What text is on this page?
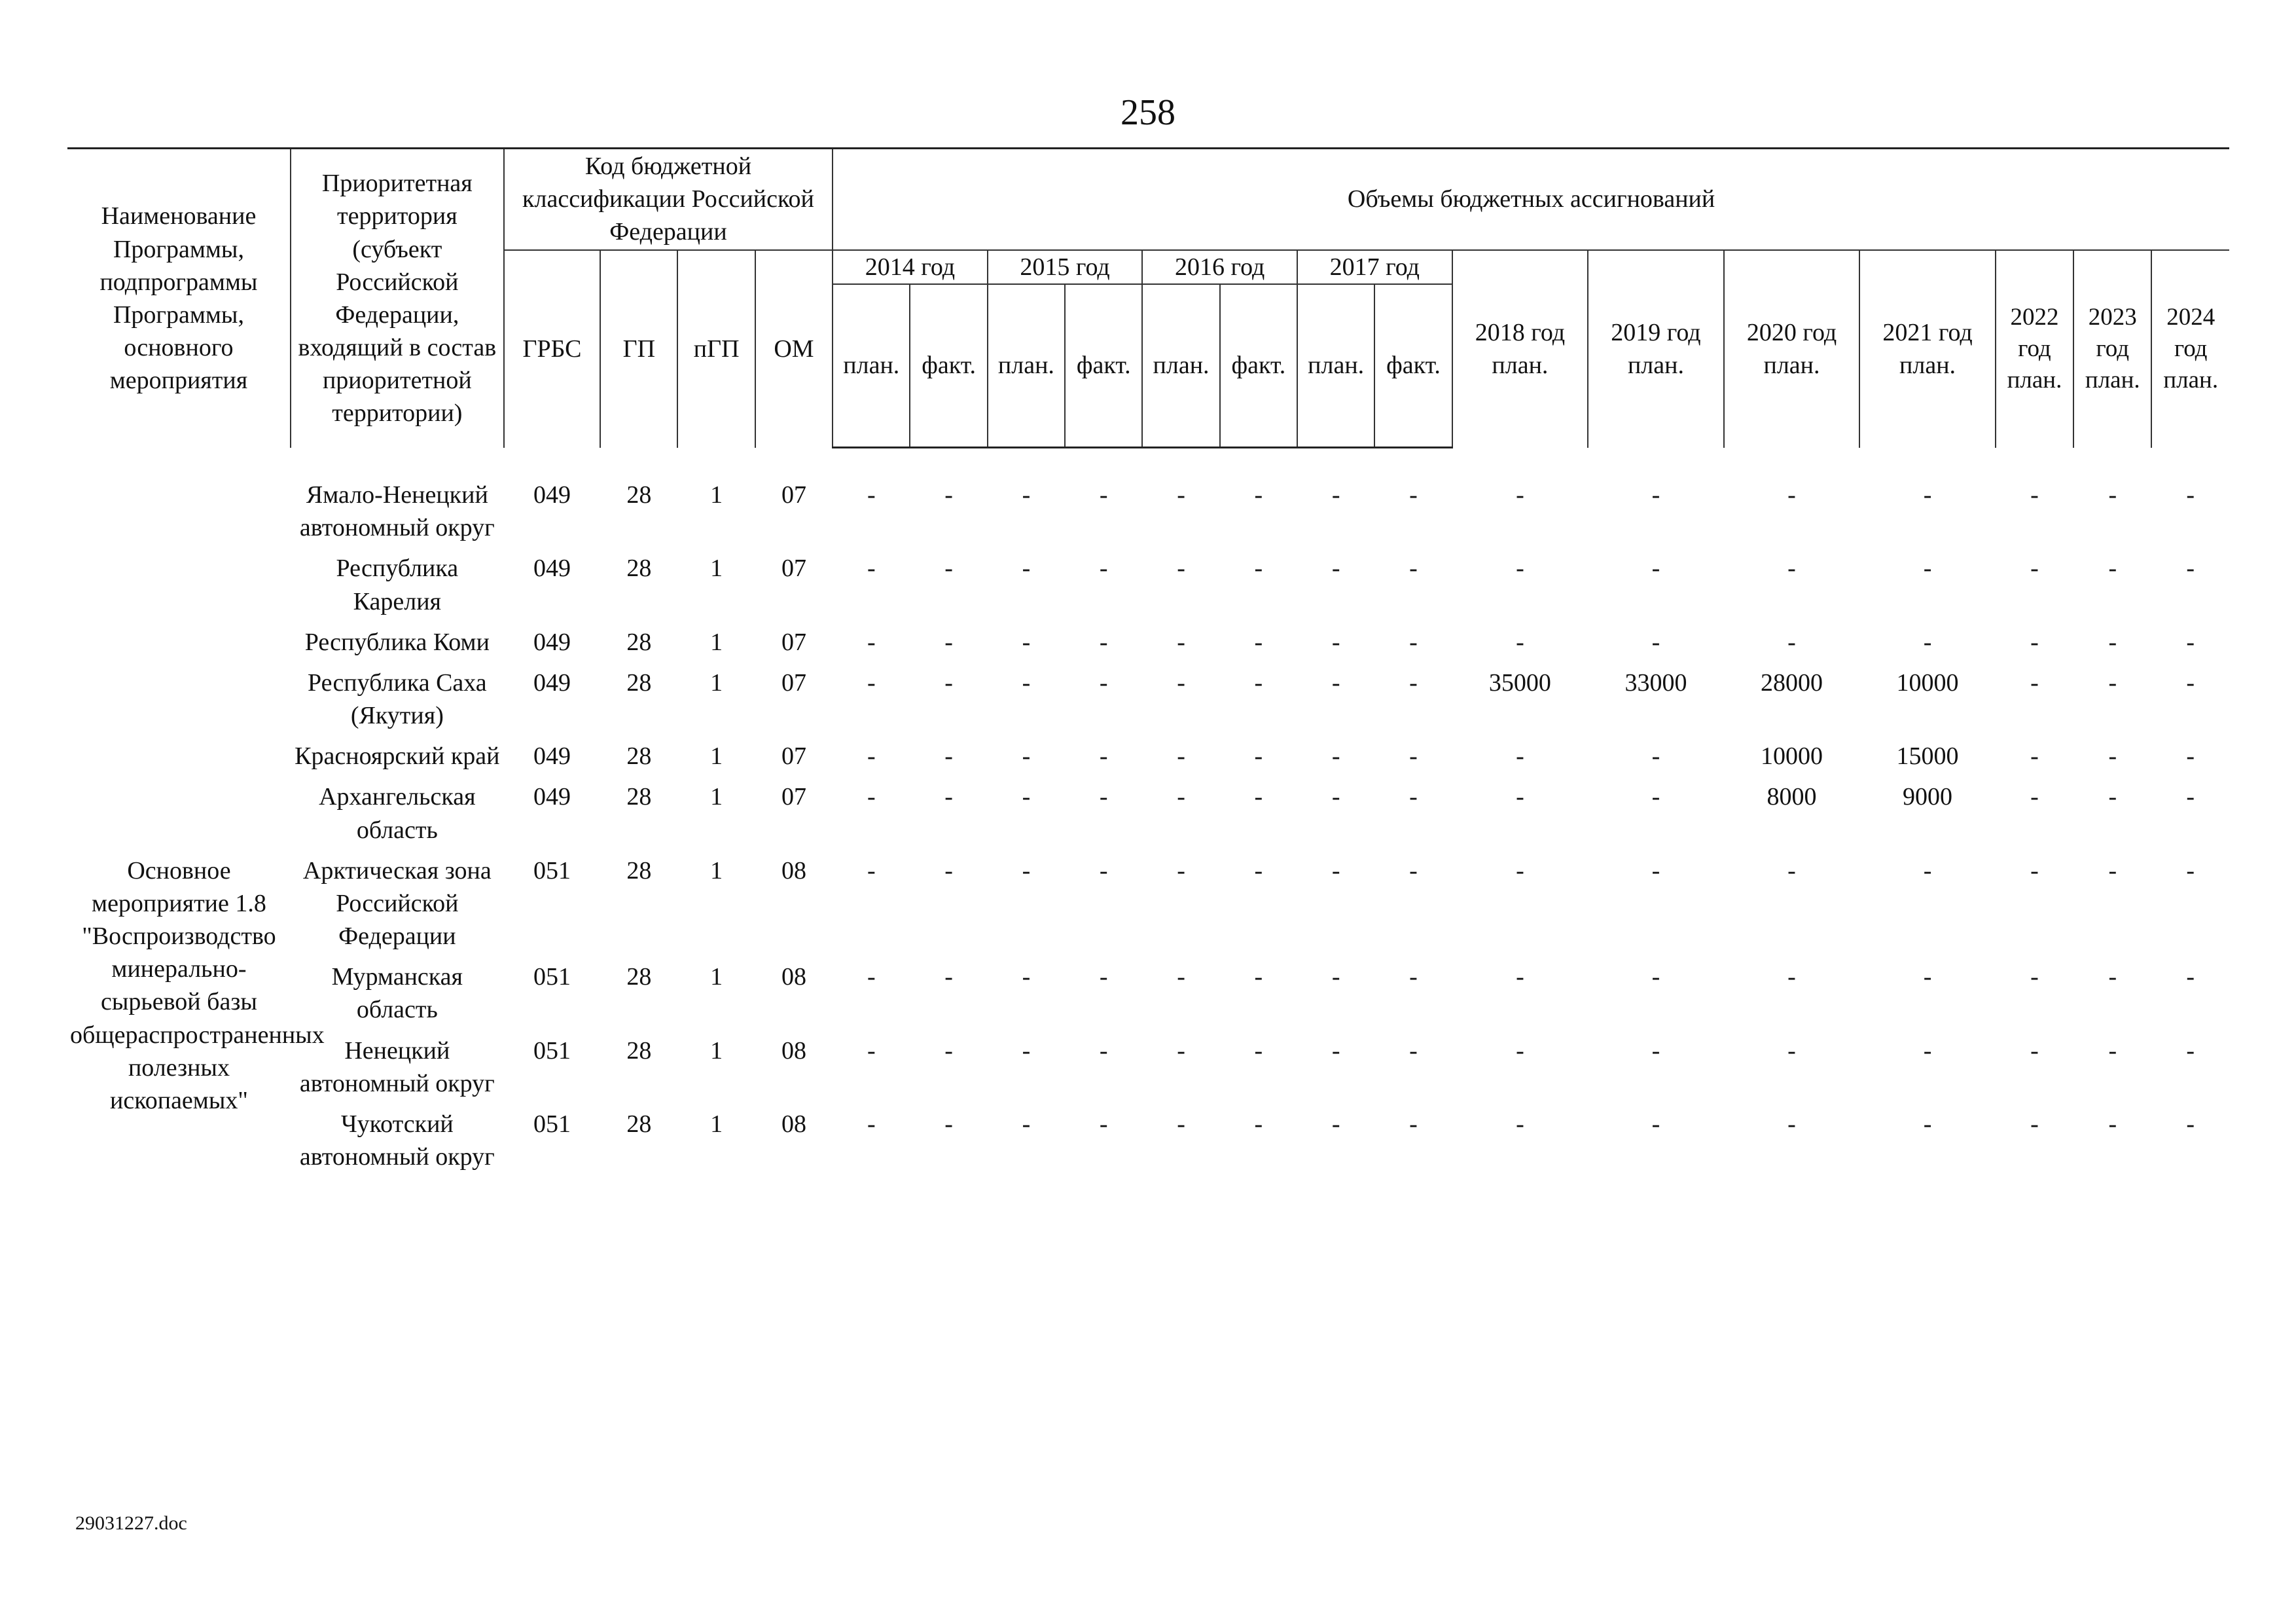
258
Наименование Программы, подпрограммы Программы, основного мероприятия	Приоритетная территория (субъект Российской Федерации, входящий в состав приоритетной территории)	Код бюджетной классификации Российской Федерации				Объемы бюджетных ассигнований														
		ГРБС	ГП	пГП	ОМ	2014 год		2015 год		2016 год		2017 год		2018 год план.	2019 год план.	2020 год план.	2021 год план.	2022 год план.	2023 год план.	2024 год план.
						план.	факт.	план.	факт.	план.	факт.	план.	факт.							

	Ямало-Ненецкий автономный округ	049	28	1	07	-	-	-	-	-	-	-	-	-	-	-	-	-	-	-
	Республика Карелия	049	28	1	07	-	-	-	-	-	-	-	-	-	-	-	-	-	-	-
	Республика Коми	049	28	1	07	-	-	-	-	-	-	-	-	-	-	-	-	-	-	-
	Республика Саха (Якутия)	049	28	1	07	-	-	-	-	-	-	-	-	35000	33000	28000	10000	-	-	-
	Красноярский край	049	28	1	07	-	-	-	-	-	-	-	-	-	-	10000	15000	-	-	-
	Архангельская область	049	28	1	07	-	-	-	-	-	-	-	-	-	-	8000	9000	-	-	-
Основное мероприятие 1.8 "Воспроизводство минерально-сырьевой базы общераспространенных полезных ископаемых"	Арктическая зона Российской Федерации	051	28	1	08	-	-	-	-	-	-	-	-	-	-	-	-	-	-	-
	Мурманская область	051	28	1	08	-	-	-	-	-	-	-	-	-	-	-	-	-	-	-
	Ненецкий автономный округ	051	28	1	08	-	-	-	-	-	-	-	-	-	-	-	-	-	-	-
	Чукотский автономный округ	051	28	1	08	-	-	-	-	-	-	-	-	-	-	-	-	-	-	-
29031227.doc
